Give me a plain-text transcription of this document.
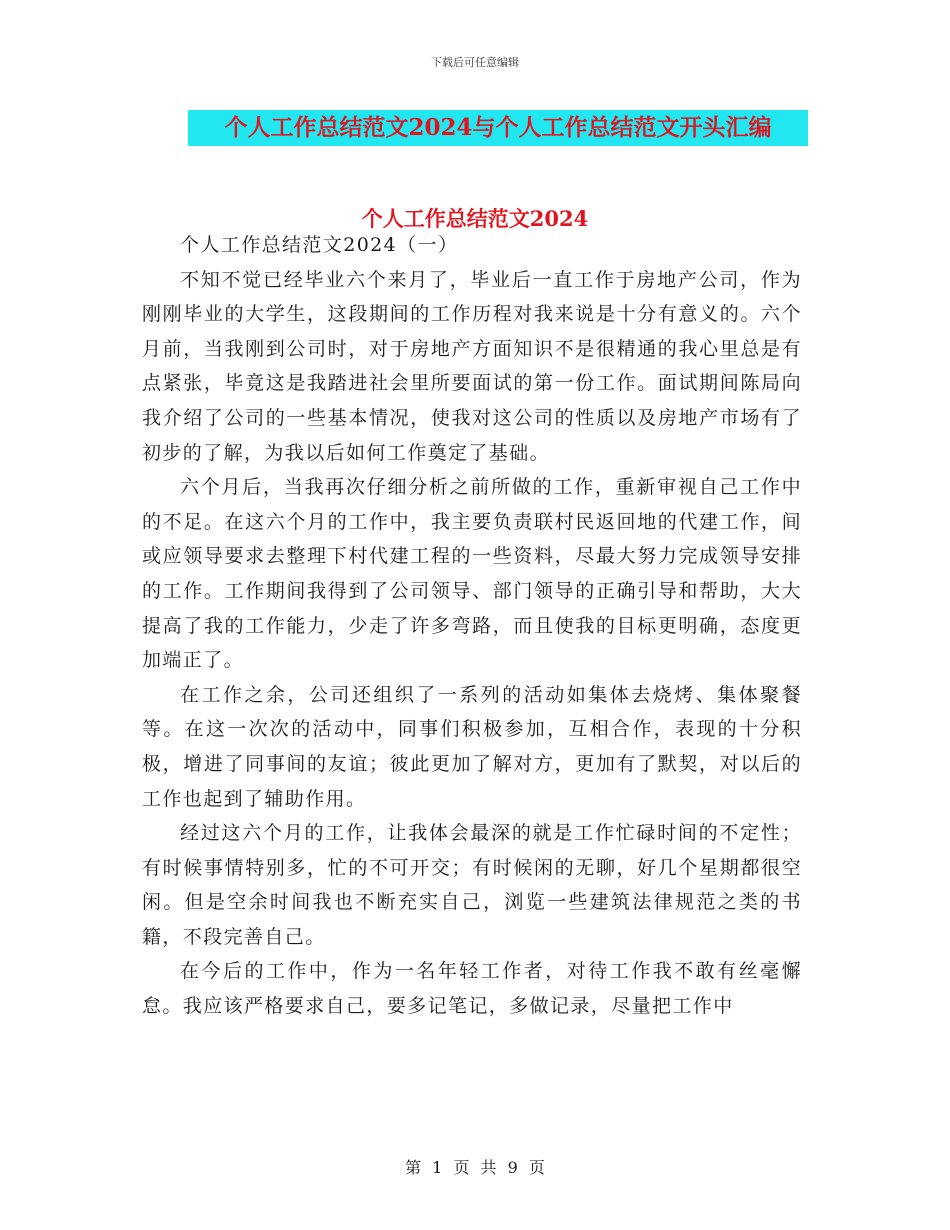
下载后可任意编辑
个人工作总结范文2024与个人工作总结范文开头汇编
个人工作总结范文2024

个人工作总结范文2024（一）

不知不觉已经毕业六个来月了，毕业后一直工作于房地产公司，作为刚刚毕业的大学生，这段期间的工作历程对我来说是十分有意义的。六个月前，当我刚到公司时，对于房地产方面知识不是很精通的我心里总是有点紧张，毕竟这是我踏进社会里所要面试的第一份工作。面试期间陈局向我介绍了公司的一些基本情况，使我对这公司的性质以及房地产市场有了初步的了解，为我以后如何工作奠定了基础。

六个月后，当我再次仔细分析之前所做的工作，重新审视自己工作中的不足。在这六个月的工作中，我主要负责联村民返回地的代建工作，间或应领导要求去整理下村代建工程的一些资料，尽最大努力完成领导安排的工作。工作期间我得到了公司领导、部门领导的正确引导和帮助，大大提高了我的工作能力，少走了许多弯路，而且使我的目标更明确，态度更加端正了。

在工作之余，公司还组织了一系列的活动如集体去烧烤、集体聚餐等。在这一次次的活动中，同事们积极参加，互相合作，表现的十分积极，增进了同事间的友谊；彼此更加了解对方，更加有了默契，对以后的工作也起到了辅助作用。

经过这六个月的工作，让我体会最深的就是工作忙碌时间的不定性；有时候事情特别多，忙的不可开交；有时候闲的无聊，好几个星期都很空闲。但是空余时间我也不断充实自己，浏览一些建筑法律规范之类的书籍，不段完善自己。

在今后的工作中，作为一名年轻工作者，对待工作我不敢有丝毫懈怠。我应该严格要求自己，要多记笔记，多做记录，尽量把工作中

第 1 页 共 9 页
